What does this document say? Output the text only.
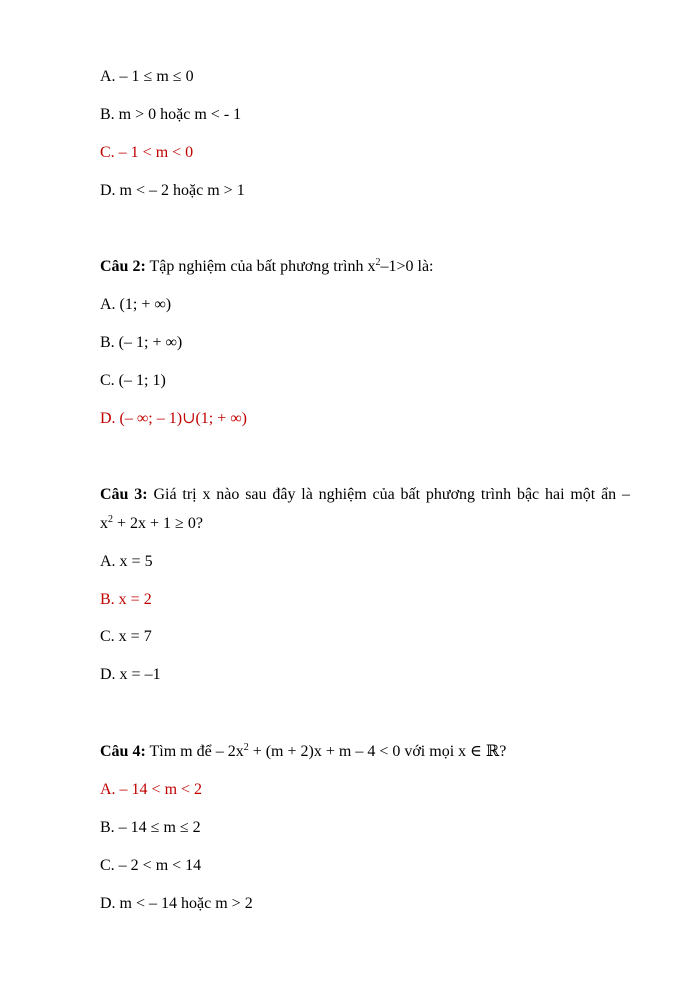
A. – 1 ≤ m ≤ 0
B. m > 0 hoặc m < - 1
C. – 1 < m < 0
D. m < – 2 hoặc m > 1
Câu 2: Tập nghiệm của bất phương trình $x^2-1>0$ là:
A. (1; + ∞)
B. (– 1; + ∞)
C. (– 1; 1)
D. (– ∞; – 1)∪(1; + ∞)
Câu 3: Giá trị x nào sau đây là nghiệm của bất phương trình bậc hai một ẩn –
$x^2 + 2x + 1 \ge 0$?
A. x = 5
B. x = 2
C. x = 7
D. x = –1
Câu 4: Tìm m để – $2x^2 + (m + 2)x + m - 4 < 0$ với mọi x ∈ ℝ?
A. – 14 < m < 2
B. – 14 ≤ m ≤ 2
C. – 2 < m < 14
D. m < – 14 hoặc m > 2
